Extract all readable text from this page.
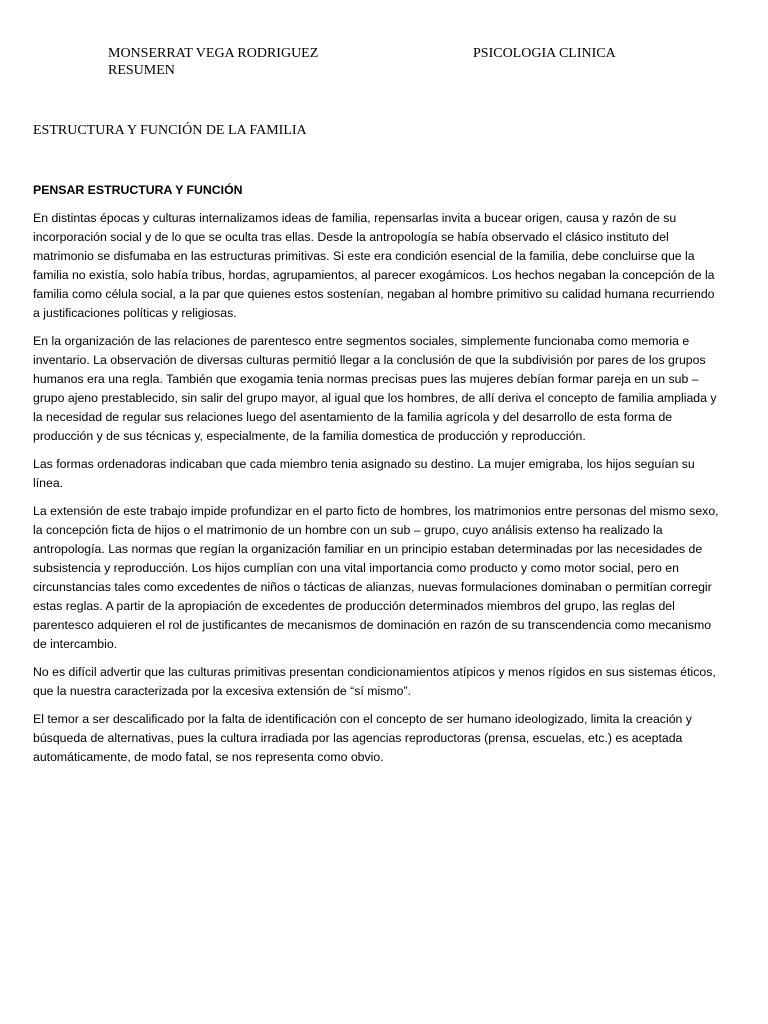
MONSERRAT VEGA RODRIGUEZ
RESUMEN
PSICOLOGIA CLINICA
ESTRUCTURA Y FUNCIÓN DE LA FAMILIA
PENSAR ESTRUCTURA Y FUNCIÓN

En distintas épocas y culturas internalizamos ideas de familia, repensarlas invita a bucear origen, causa y razón de su incorporación social y de lo que se oculta tras ellas. Desde la antropología se había observado el clásico instituto del matrimonio se disfumaba en las estructuras primitivas. Si este era condición esencial de la familia, debe concluirse que la familia no existía, solo había tribus, hordas, agrupamientos, al parecer exogámicos. Los hechos negaban la concepción de la familia como célula social, a la par que quienes estos sostenían, negaban al hombre primitivo su calidad humana recurriendo a justificaciones políticas y religiosas.

En la organización de las relaciones de parentesco entre segmentos sociales, simplemente funcionaba como memoria e inventario. La observación de diversas culturas permitió llegar a la conclusión de que la subdivisión por pares de los grupos humanos era una regla. También que exogamia tenia normas precisas pues las mujeres debían formar pareja en un sub – grupo ajeno prestablecido, sin salir del grupo mayor, al igual que los hombres, de allí deriva el concepto de familia ampliada y la necesidad de regular sus relaciones luego del asentamiento de la familia agrícola y del desarrollo de esta forma de producción y de sus técnicas y, especialmente, de la familia domestica de producción y reproducción.

Las formas ordenadoras indicaban que cada miembro tenia asignado su destino. La mujer emigraba, los hijos seguían su línea.

La extensión de este trabajo impide profundizar en el parto ficto de hombres, los matrimonios entre personas del mismo sexo, la concepción ficta de hijos o el matrimonio de un hombre con un sub – grupo, cuyo análisis extenso ha realizado la antropología. Las normas que regían la organización familiar en un principio estaban determinadas por las necesidades de subsistencia y reproducción. Los hijos cumplían con una vital importancia como producto y como motor social, pero en circunstancias tales como excedentes de niños o tácticas de alianzas, nuevas formulaciones dominaban o permitían corregir estas reglas. A partir de la apropiación de excedentes de producción determinados miembros del grupo, las reglas del parentesco adquieren el rol de justificantes de mecanismos de dominación en razón de su transcendencia como mecanismo de intercambio.

No es difícil advertir que las culturas primitivas presentan condicionamientos atípicos y menos rígidos en sus sistemas éticos, que la nuestra caracterizada por la excesiva extensión de “sí mismo”.

El temor a ser descalificado por la falta de identificación con el concepto de ser humano ideologizado, limita la creación y búsqueda de alternativas, pues la cultura irradiada por las agencias reproductoras (prensa, escuelas, etc.) es aceptada automáticamente, de modo fatal, se nos representa como obvio.
